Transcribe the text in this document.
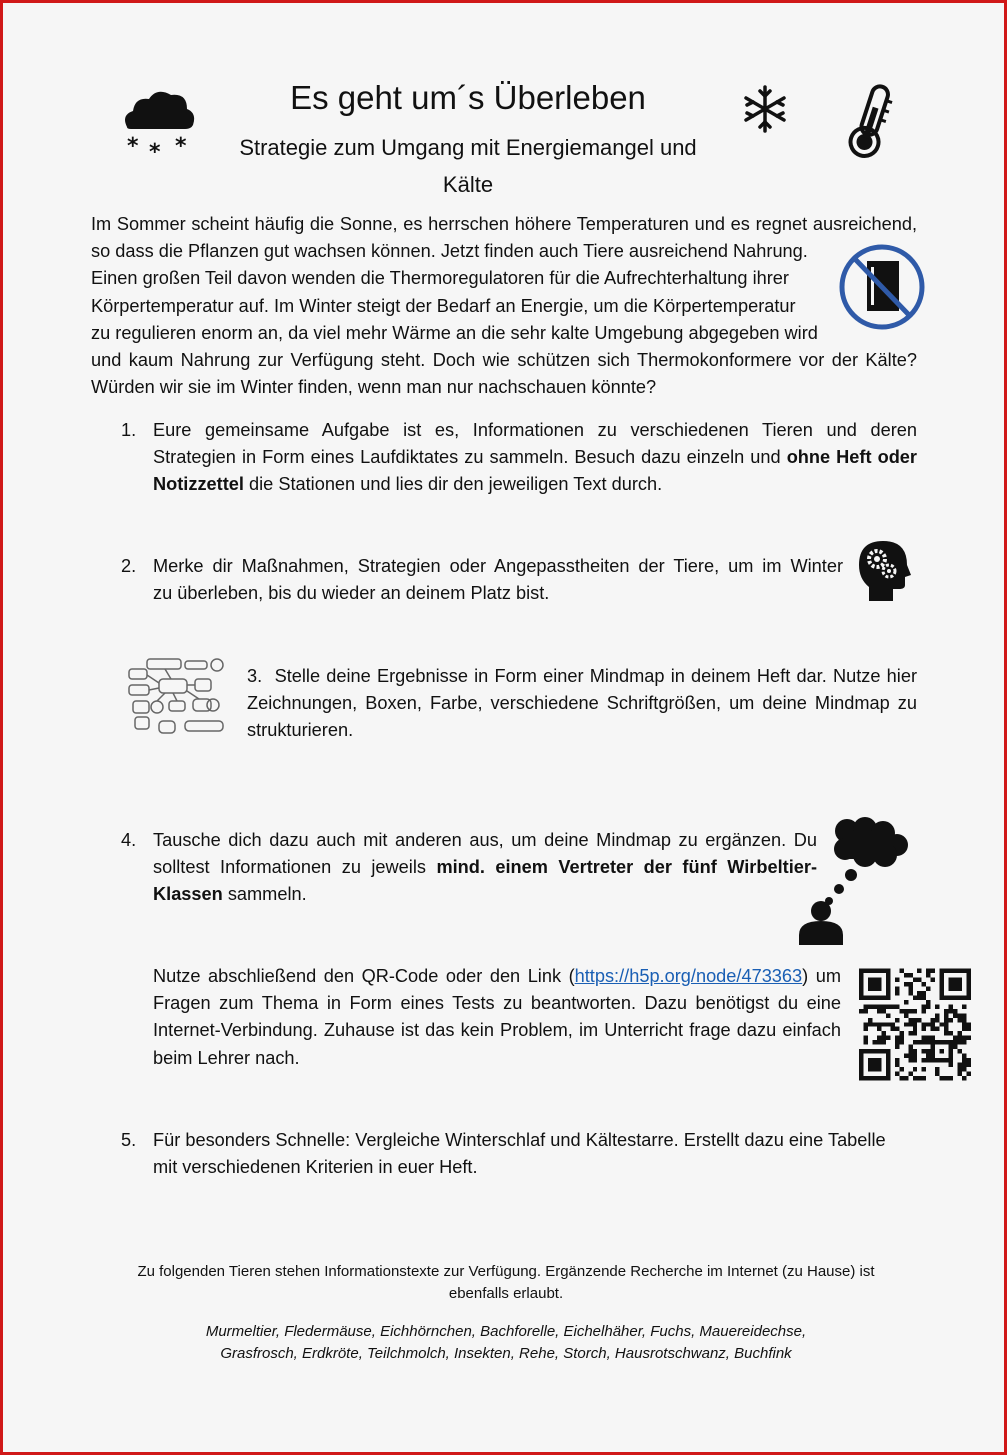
* * *
Es geht um´s Überleben
Strategie zum Umgang mit Energiemangel und
Kälte
Im Sommer scheint häufig die Sonne, es herrschen höhere Temperaturen und es regnet ausreichend,
so dass die Pflanzen gut wachsen können. Jetzt finden auch Tiere ausreichend Nahrung.
Einen großen Teil davon wenden die Thermoregulatoren für die Aufrechterhaltung ihrer
Körpertemperatur auf. Im Winter steigt der Bedarf an Energie, um die Körpertemperatur
zu regulieren enorm an, da viel mehr Wärme an die sehr kalte Umgebung abgegeben wird
und kaum Nahrung zur Verfügung steht. Doch wie schützen sich Thermokonformere vor der Kälte?
Würden wir sie im Winter finden, wenn man nur nachschauen könnte?
1. Eure gemeinsame Aufgabe ist es, Informationen zu verschiedenen Tieren und deren
Strategien in Form eines Laufdiktates zu sammeln. Besuch dazu einzeln und ohne Heft oder
Notizzettel die Stationen und lies dir den jeweiligen Text durch.
2. Merke dir Maßnahmen, Strategien oder Angepasstheiten der Tiere, um im Winter
zu überleben, bis du wieder an deinem Platz bist.
3. Stelle deine Ergebnisse in Form einer Mindmap in deinem Heft dar. Nutze hier
Zeichnungen, Boxen, Farbe, verschiedene Schriftgrößen, um deine Mindmap zu
strukturieren.
4. Tausche dich dazu auch mit anderen aus, um deine Mindmap zu ergänzen. Du
solltest Informationen zu jeweils mind. einem Vertreter der fünf Wirbeltier-
Klassen sammeln.
Nutze abschließend den QR-Code oder den Link (https://h5p.org/node/473363) um
Fragen zum Thema in Form eines Tests zu beantworten. Dazu benötigst du eine
Internet-Verbindung. Zuhause ist das kein Problem, im Unterricht frage dazu einfach
beim Lehrer nach.
5. Für besonders Schnelle: Vergleiche Winterschlaf und Kältestarre. Erstellt dazu eine Tabelle
mit verschiedenen Kriterien in euer Heft.
Zu folgenden Tieren stehen Informationstexte zur Verfügung. Ergänzende Recherche im Internet (zu Hause) ist
ebenfalls erlaubt.
Murmeltier, Fledermäuse, Eichhörnchen, Bachforelle, Eichelhäher, Fuchs, Mauereidechse,
Grasfrosch, Erdkröte, Teilchmolch, Insekten, Rehe, Storch, Hausrotschwanz, Buchfink
